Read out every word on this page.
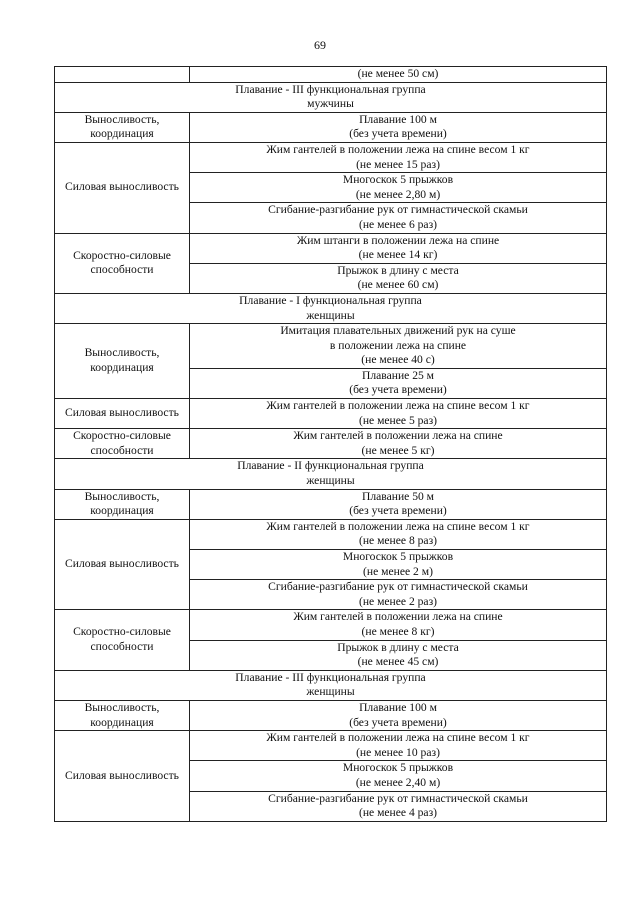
69

	(не менее 50 см)

Плавание - III функциональная группа
мужчины	

Выносливость,
координация	Плавание 100 м
(без учета времени)

Силовая выносливость	Жим гантелей в положении лежа на спине весом 1 кг
(не менее 15 раз)

	Многоскок 5 прыжков
(не менее 2,80 м)

	Сгибание-разгибание рук от гимнастической скамьи
(не менее 6 раз)

Скоростно-силовые
способности	Жим штанги в положении лежа на спине
(не менее 14 кг)

	Прыжок в длину с места
(не менее 60 см)

Плавание - I функциональная группа
женщины	

Выносливость,
координация	Имитация плавательных движений рук на суше
в положении лежа на спине
(не менее 40 с)

	Плавание 25 м
(без учета времени)

Силовая выносливость	Жим гантелей в положении лежа на спине весом 1 кг
(не менее 5 раз)

Скоростно-силовые
способности	Жим гантелей в положении лежа на спине
(не менее 5 кг)

Плавание - II функциональная группа
женщины	

Выносливость,
координация	Плавание 50 м
(без учета времени)

Силовая выносливость	Жим гантелей в положении лежа на спине весом 1 кг
(не менее 8 раз)

	Многоскок 5 прыжков
(не менее 2 м)

	Сгибание-разгибание рук от гимнастической скамьи
(не менее 2 раз)

Скоростно-силовые
способности	Жим гантелей в положении лежа на спине
(не менее 8 кг)

	Прыжок в длину с места
(не менее 45 см)

Плавание - III функциональная группа
женщины	

Выносливость,
координация	Плавание 100 м
(без учета времени)

Силовая выносливость	Жим гантелей в положении лежа на спине весом 1 кг
(не менее 10 раз)

	Многоскок 5 прыжков
(не менее 2,40 м)

	Сгибание-разгибание рук от гимнастической скамьи
(не менее 4 раз)
